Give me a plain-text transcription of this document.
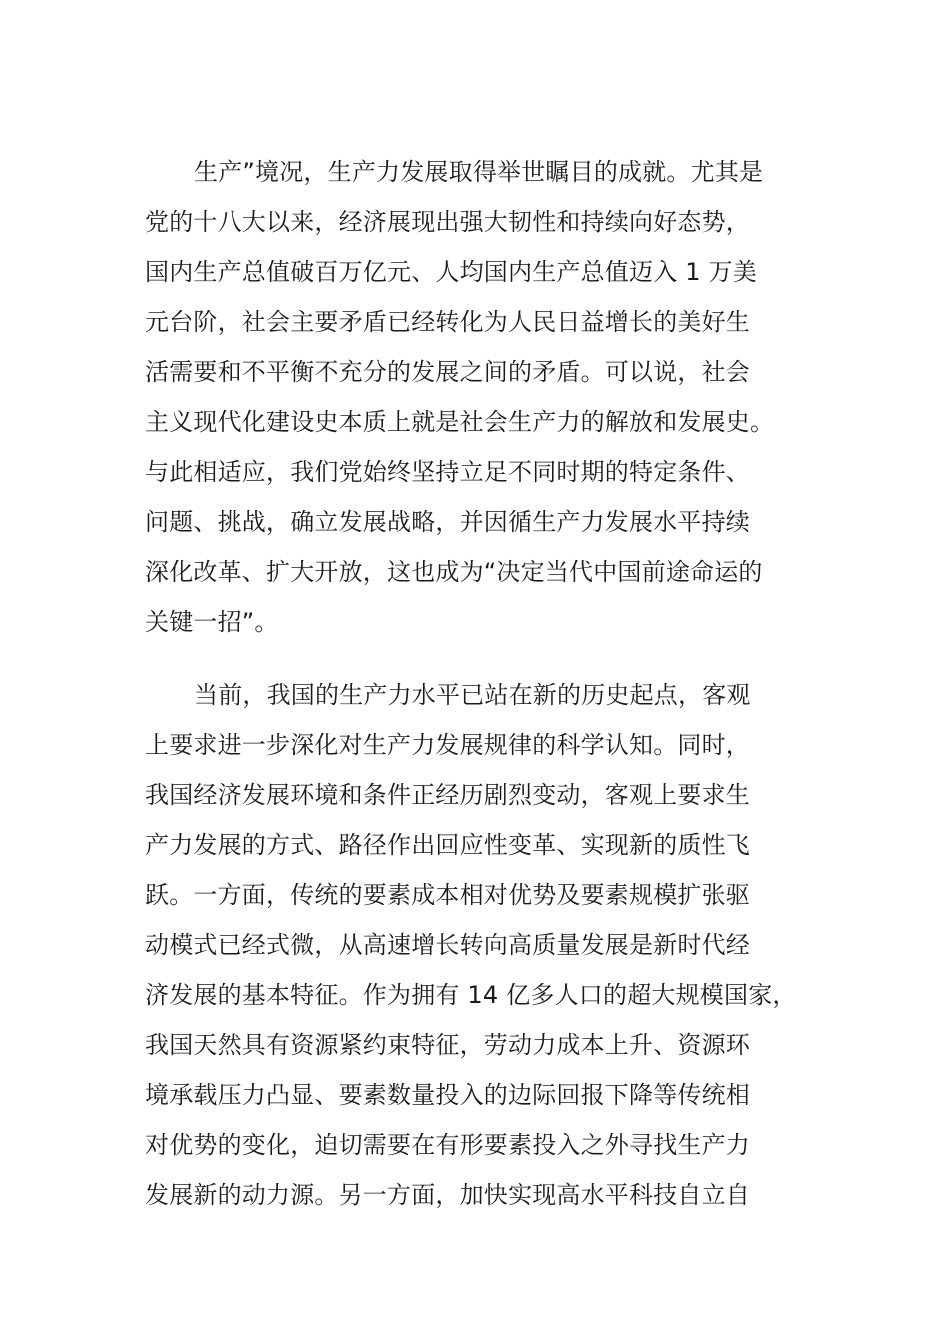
生产”境况，生产力发展取得举世瞩目的成就。尤其是
党的十八大以来，经济展现出强大韧性和持续向好态势，
国内生产总值破百万亿元、人均国内生产总值迈入 1 万美
元台阶，社会主要矛盾已经转化为人民日益增长的美好生
活需要和不平衡不充分的发展之间的矛盾。可以说，社会
主义现代化建设史本质上就是社会生产力的解放和发展史。
与此相适应，我们党始终坚持立足不同时期的特定条件、
问题、挑战，确立发展战略，并因循生产力发展水平持续
深化改革、扩大开放，这也成为“决定当代中国前途命运的
关键一招”。
当前，我国的生产力水平已站在新的历史起点，客观
上要求进一步深化对生产力发展规律的科学认知。同时，
我国经济发展环境和条件正经历剧烈变动，客观上要求生
产力发展的方式、路径作出回应性变革、实现新的质性飞
跃。一方面，传统的要素成本相对优势及要素规模扩张驱
动模式已经式微，从高速增长转向高质量发展是新时代经
济发展的基本特征。作为拥有 14 亿多人口的超大规模国家，
我国天然具有资源紧约束特征，劳动力成本上升、资源环
境承载压力凸显、要素数量投入的边际回报下降等传统相
对优势的变化，迫切需要在有形要素投入之外寻找生产力
发展新的动力源。另一方面，加快实现高水平科技自立自
